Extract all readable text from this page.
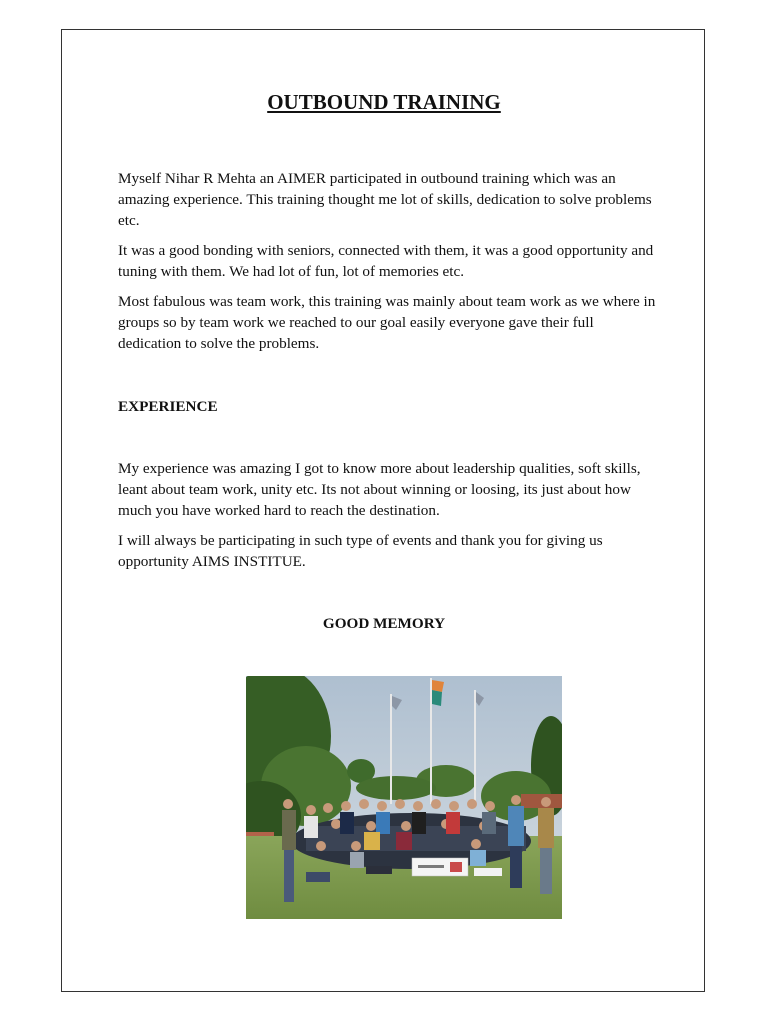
OUTBOUND TRAINING

Myself Nihar R Mehta an AIMER participated in outbound training which was an amazing experience. This training thought me lot of skills, dedication to solve problems etc.

It was a good bonding with seniors, connected with them, it was a good opportunity and tuning with them. We had lot of fun, lot of memories etc.

Most fabulous was team work, this training was mainly about team work as we where in groups so by team work we reached to our goal easily everyone gave their full dedication to solve the problems.

EXPERIENCE

My experience was amazing I got to know more about leadership qualities, soft skills, leant about team work, unity etc. Its not about winning or loosing, its just about how much you have worked hard to reach the destination.

I will always be participating in such type of events and thank you for giving us opportunity AIMS INSTITUE.

GOOD MEMORY
